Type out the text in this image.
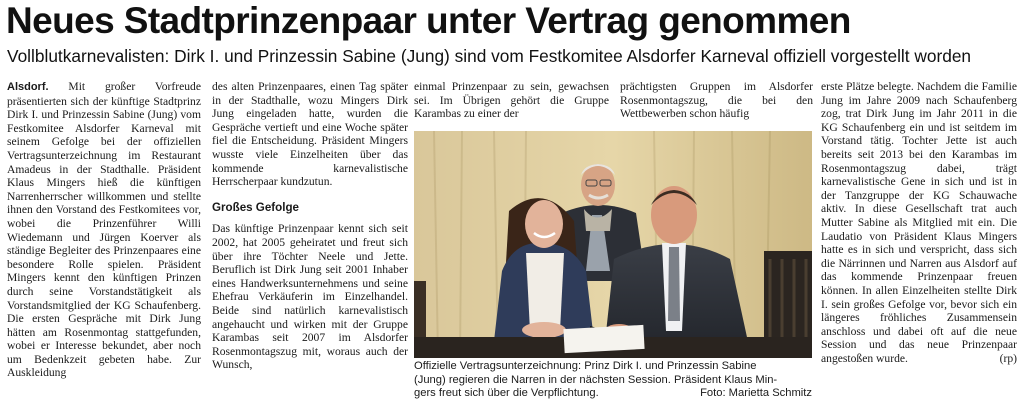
Neues Stadtprinzenpaar unter Vertrag genommen
Vollblutkarnevalisten: Dirk I. und Prinzessin Sabine (Jung) sind vom Festkomitee Alsdorfer Karneval offiziell vorgestellt worden

Alsdorf. Mit großer Vorfreude präsentierten sich der künftige Stadtprinz Dirk I. und Prinzessin Sabine (Jung) vom Festkomitee Alsdorfer Karneval mit seinem Gefolge bei der offiziellen Vertragsunterzeichnung im Restaurant Amadeus in der Stadthalle. Präsident Klaus Mingers hieß die künftigen Narrenherrscher willkommen und stellte ihnen den Vorstand des Festkomitees vor, wobei die Prinzenführer Willi Wiedemann und Jürgen Koerver als ständige Begleiter des Prinzenpaares eine besondere Rolle spielen. Präsident Mingers kennt den künftigen Prinzen durch seine Vorstandstätigkeit als Vorstandsmitglied der KG Schaufenberg. Die ersten Gespräche mit Dirk Jung hätten am Rosenmontag stattgefunden, wobei er Interesse bekundet, aber noch um Bedenkzeit gebeten habe. Zur Auskleidung

des alten Prinzenpaares, einen Tag später in der Stadthalle, wozu Mingers Dirk Jung eingeladen hatte, wurden die Gespräche vertieft und eine Woche später fiel die Entscheidung. Präsident Mingers wusste viele Einzelheiten über das kommende karnevalistische Herrscherpaar kundzutun.

Großes Gefolge

Das künftige Prinzenpaar kennt sich seit 2002, hat 2005 geheiratet und freut sich über ihre Töchter Neele und Jette. Beruflich ist Dirk Jung seit 2001 Inhaber eines Handwerksunternehmens und seine Ehefrau Verkäuferin im Einzelhandel. Beide sind natürlich karnevalistisch angehaucht und wirken mit der Gruppe Karambas seit 2007 im Alsdorfer Rosenmontagszug mit, woraus auch der Wunsch,

einmal Prinzenpaar zu sein, gewachsen sei. Im Übrigen gehört die Gruppe Karambas zu einer der

prächtigsten Gruppen im Alsdorfer Rosenmontagszug, die bei den Wettbewerben schon häufig

Offizielle Vertragsunterzeichnung: Prinz Dirk I. und Prinzessin Sabine
(Jung) regieren die Narren in der nächsten Session. Präsident Klaus Min-
gers freut sich über die Verpflichtung.	Foto: Marietta Schmitz

erste Plätze belegte. Nachdem die Familie Jung im Jahre 2009 nach Schaufenberg zog, trat Dirk Jung im Jahr 2011 in die KG Schaufenberg ein und ist seitdem im Vorstand tätig. Tochter Jette ist auch bereits seit 2013 bei den Karambas im Rosenmontagszug dabei, trägt karnevalistische Gene in sich und ist in der Tanzgruppe der KG Schauwache aktiv. In diese Gesellschaft trat auch Mutter Sabine als Mitglied mit ein. Die Laudatio von Präsident Klaus Mingers hatte es in sich und verspricht, dass sich die Närrinnen und Narren aus Alsdorf auf das kommende Prinzenpaar freuen können. In allen Einzelheiten stellte Dirk I. sein großes Gefolge vor, bevor sich ein längeres fröhliches Zusammensein anschloss und dabei oft auf die neue Session und das neue Prinzenpaar angestoßen wurde.	(rp)
